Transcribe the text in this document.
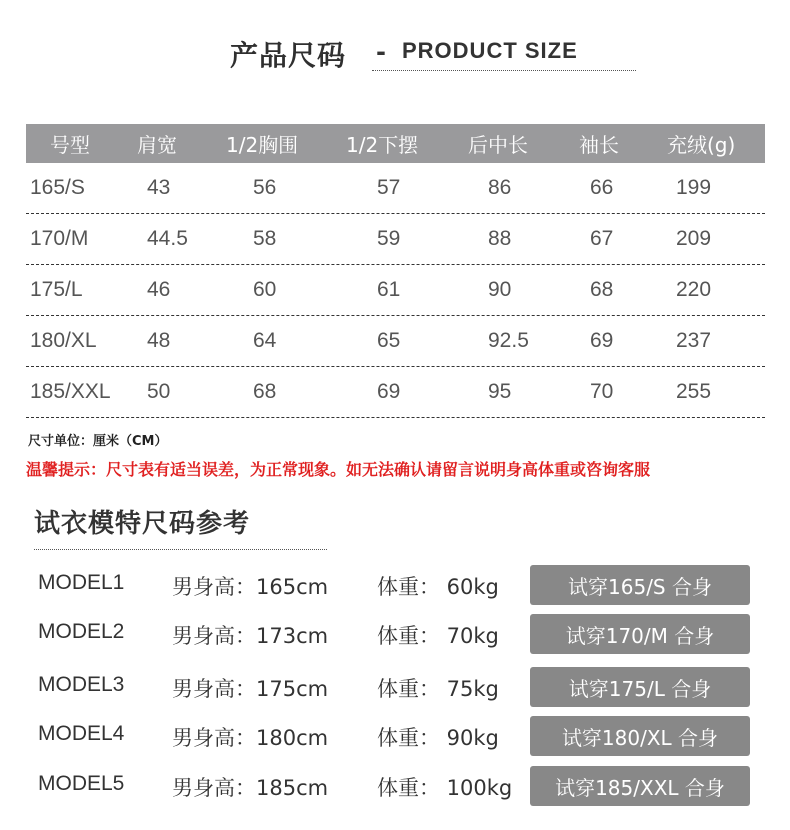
产品尺码 - PRODUCT SIZE
号型 肩宽 1/2胸围 1/2下摆 后中长	袖长 充绒(g)
165/S	43	56	57	86	66	199
170/M	44.5	58	59	88	67	209
175/L	46	60	61	90	68	220
180/XL 48	64	65	92.5	69	237
185/XXL 50	68	69	95	70	255
尺寸单位：厘米（CM）
温馨提示：尺寸表有适当误差，为正常现象。如无法确认请留言说明身高体重或咨询客服
试衣模特尺码参考
MODEL1 男身高：165cm 体重： 60kg	试穿165/S 合身
MODEL2 男身高：173cm 体重： 70kg	试穿170/M 合身
MODEL3 男身高：175cm 体重： 75kg	试穿175/L 合身
MODEL4 男身高：180cm 体重： 90kg	试穿180/XL 合身
MODEL5 男身高：185cm 体重： 100kg	试穿185/XXL 合身
